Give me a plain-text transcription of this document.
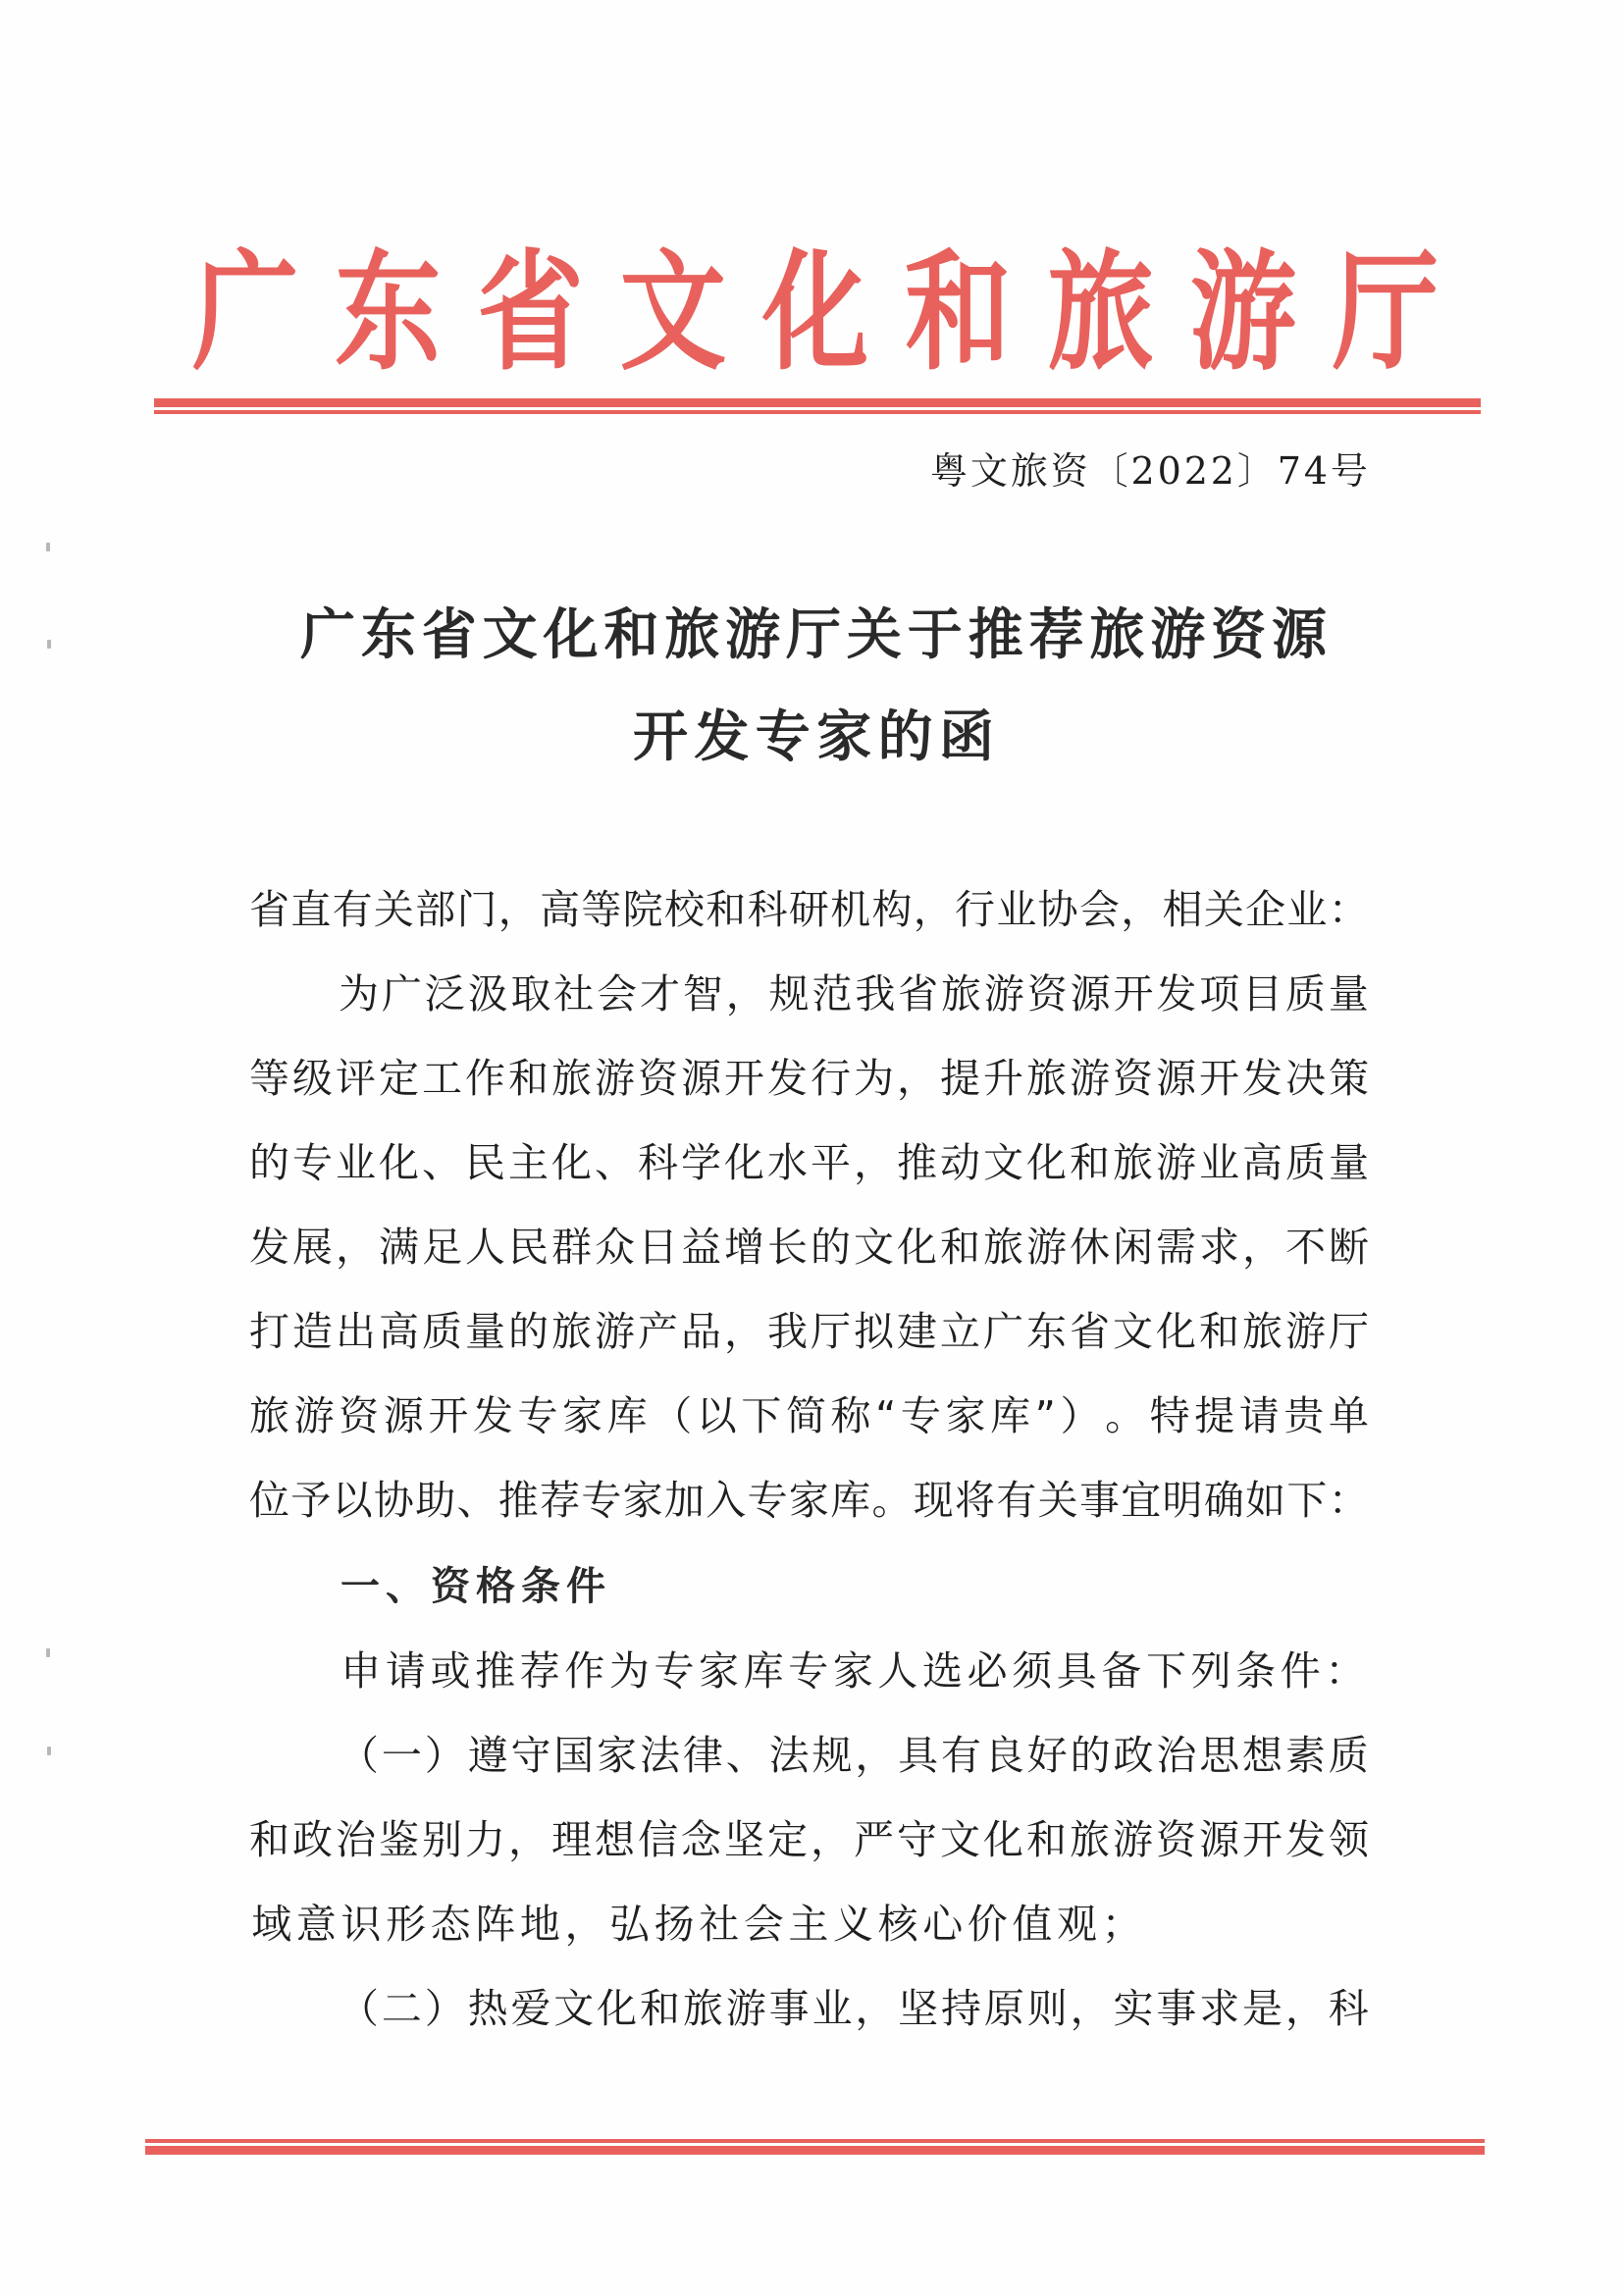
广 东 省 文 化 和 旅 游 厅
粤 文 旅 资 〔 2 0 2 2 〕 7 4 号
广 东 省 文 化 和 旅 游 厅 关 于 推 荐 旅 游 资 源
开 发 专 家 的 函
省 直 有 关 部 门 ， 高 等 院 校 和 科 研 机 构 ， 行 业 协 会 ， 相 关 企 业 ：
为 广 泛 汲 取 社 会 才 智 ， 规 范 我 省 旅 游 资 源 开 发 项 目 质 量
等 级 评 定 工 作 和 旅 游 资 源 开 发 行 为 ， 提 升 旅 游 资 源 开 发 决 策
的 专 业 化 、 民 主 化 、 科 学 化 水 平 ， 推 动 文 化 和 旅 游 业 高 质 量
发 展 ， 满 足 人 民 群 众 日 益 增 长 的 文 化 和 旅 游 休 闲 需 求 ， 不 断
打 造 出 高 质 量 的 旅 游 产 品 ， 我 厅 拟 建 立 广 东 省 文 化 和 旅 游 厅
旅 游 资 源 开 发 专 家 库 （ 以 下 简 称 “ 专 家 库 ” ） 。 特 提 请 贵 单
位 予 以 协 助 、 推 荐 专 家 加 入 专 家 库 。 现 将 有 关 事 宜 明 确 如 下 ：
一 、 资 格 条 件
申 请 或 推 荐 作 为 专 家 库 专 家 人 选 必 须 具 备 下 列 条 件 ：
（ 一 ） 遵 守 国 家 法 律 、 法 规 ， 具 有 良 好 的 政 治 思 想 素 质
和 政 治 鉴 别 力 ， 理 想 信 念 坚 定 ， 严 守 文 化 和 旅 游 资 源 开 发 领
域 意 识 形 态 阵 地 ， 弘 扬 社 会 主 义 核 心 价 值 观 ；
（ 二 ） 热 爱 文 化 和 旅 游 事 业 ， 坚 持 原 则 ， 实 事 求 是 ， 科
